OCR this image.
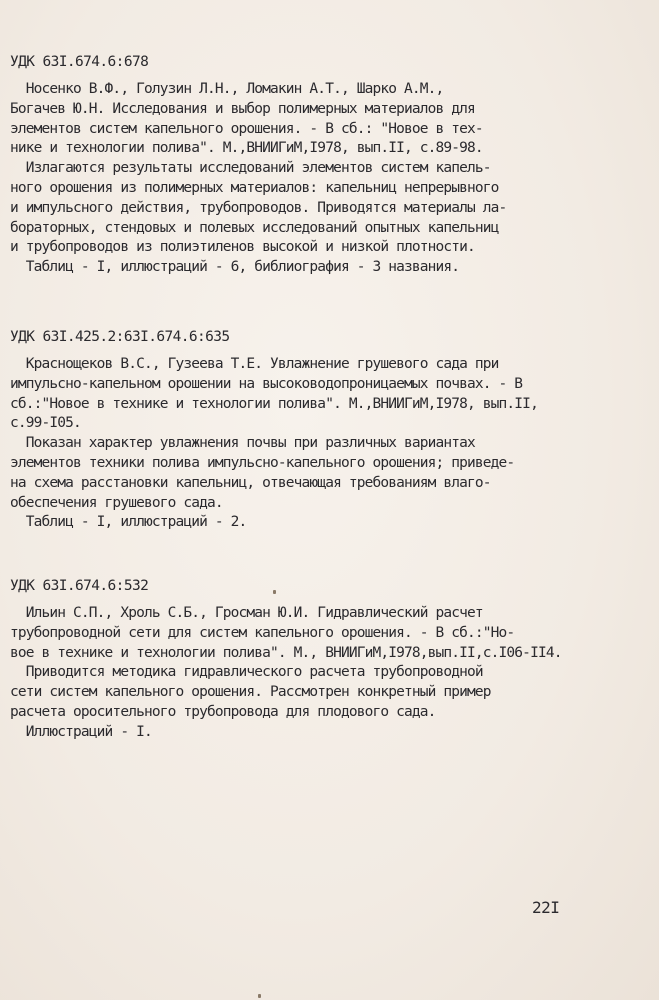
УДК 63I.674.6:678
Носенко В.Ф., Голузин Л.Н., Ломакин А.Т., Шарко А.М.,
Богачев Ю.Н. Исследования и выбор полимерных материалов для
элементов систем капельного орошения. - В сб.: "Новое в тех-
нике и технологии полива". М.,ВНИИГиМ,I978, вып.II, с.89-98.
Излагаются результаты исследований элементов систем капель-
ного орошения из полимерных материалов: капельниц непрерывного
и импульсного действия, трубопроводов. Приводятся материалы ла-
бораторных, стендовых и полевых исследований опытных капельниц
и трубопроводов из полиэтиленов высокой и низкой плотности.
Таблиц - I, иллюстраций - 6, библиография - 3 названия.
УДК 63I.425.2:63I.674.6:635
Краснощеков В.С., Гузеева Т.Е. Увлажнение грушевого сада при
импульсно-капельном орошении на высоководопроницаемых почвах. - В
сб.:"Новое в технике и технологии полива". М.,ВНИИГиМ,I978, вып.II,
с.99-I05.
Показан характер увлажнения почвы при различных вариантах
элементов техники полива импульсно-капельного орошения; приведе-
на схема расстановки капельниц, отвечающая требованиям влаго-
обеспечения грушевого сада.
Таблиц - I, иллюстраций - 2.
УДК 63I.674.6:532
Ильин С.П., Хроль С.Б., Гросман Ю.И. Гидравлический расчет
трубопроводной сети для систем капельного орошения. - В сб.:"Но-
вое в технике и технологии полива". М., ВНИИГиМ,I978,вып.II,с.I06-II4.
Приводится методика гидравлического расчета трубопроводной
сети систем капельного орошения. Рассмотрен конкретный пример
расчета оросительного трубопровода для плодового сада.
Иллюстраций - I.
22I
